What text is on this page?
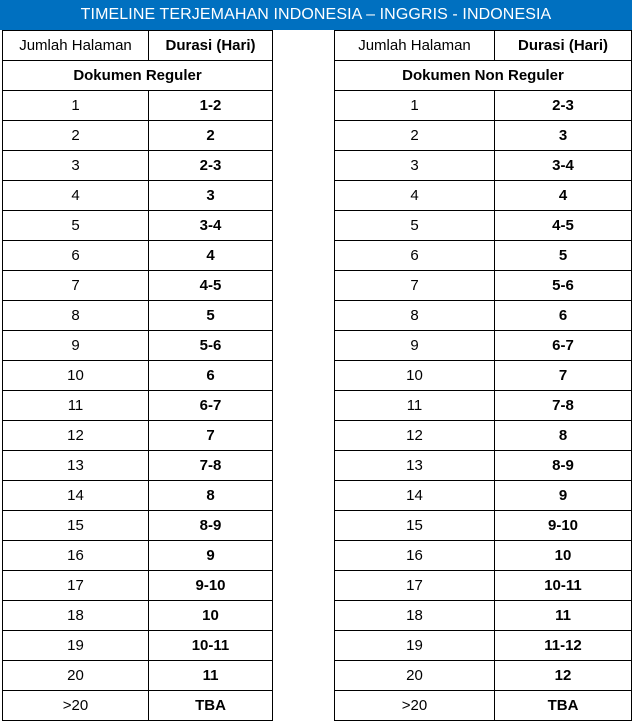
TIMELINE TERJEMAHAN INDONESIA – INGGRIS - INDONESIA
Jumlah Halaman	Durasi (Hari)
Dokumen Reguler	
1	1-2
2	2
3	2-3
4	3
5	3-4
6	4
7	4-5
8	5
9	5-6
10	6
11	6-7
12	7
13	7-8
14	8
15	8-9
16	9
17	9-10
18	10
19	10-11
20	11
>20	TBA
Jumlah Halaman	Durasi (Hari)
Dokumen Non Reguler	
1	2-3
2	3
3	3-4
4	4
5	4-5
6	5
7	5-6
8	6
9	6-7
10	7
11	7-8
12	8
13	8-9
14	9
15	9-10
16	10
17	10-11
18	11
19	11-12
20	12
>20	TBA
